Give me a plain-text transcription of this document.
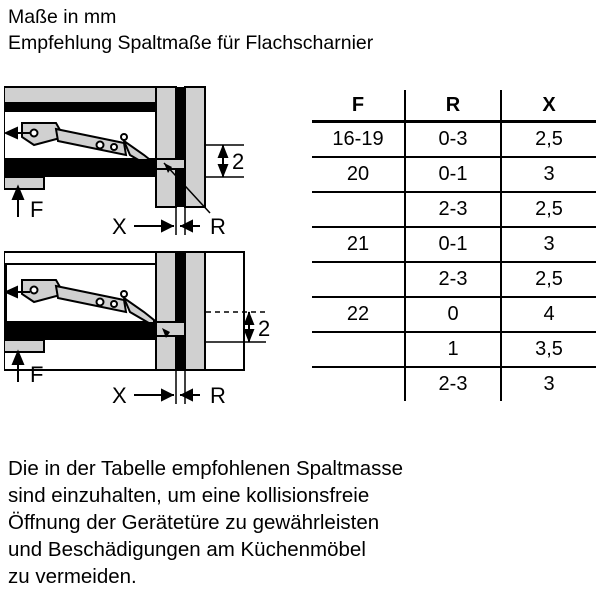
Maße in mm
Empfehlung Spaltmaße für Flachscharnier
2
F
X	R
2
F
X	R
F	R	X
16-19	0-3	2,5
20	0-1	3
	2-3	2,5
21	0-1	3
	2-3	2,5
22	0	4
	1	3,5
	2-3	3
Die in der Tabelle empfohlenen Spaltmasse
sind einzuhalten, um eine kollisionsfreie
Öffnung der Gerätetüre zu gewährleisten
und Beschädigungen am Küchenmöbel
zu vermeiden.
